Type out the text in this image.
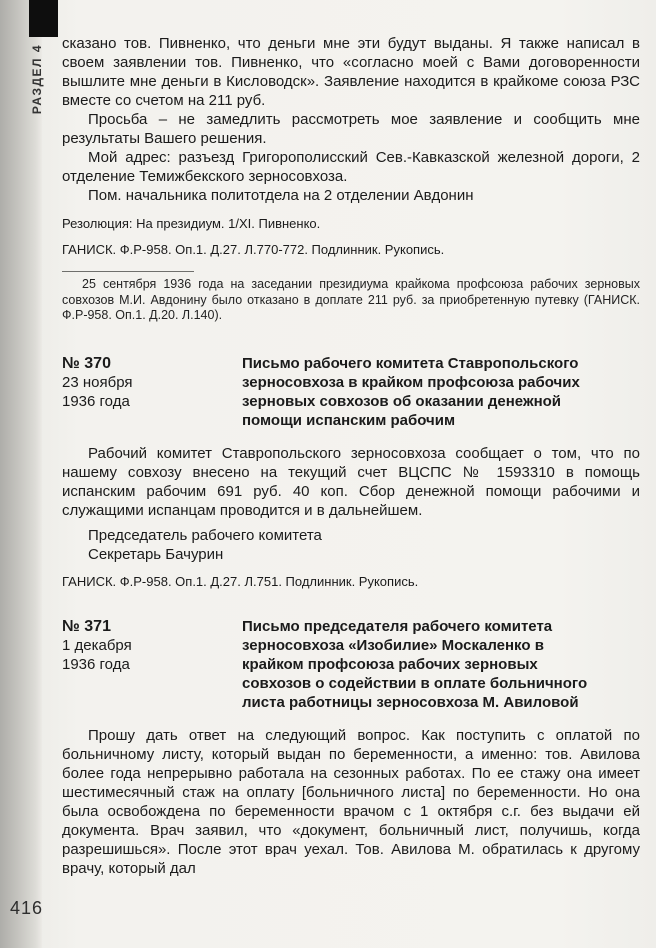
РАЗДЕЛ 4

сказано тов. Пивненко, что деньги мне эти будут выданы. Я также написал в своем заявлении тов. Пивненко, что «согласно моей с Вами договоренности вышлите мне деньги в Кисловодск». Заявление находится в крайкоме союза РЗС вместе со счетом на 211 руб.

Просьба – не замедлить рассмотреть мое заявление и сообщить мне результаты Вашего решения.

Мой адрес: разъезд Григорополисский Сев.-Кавказской железной дороги, 2 отделение Темижбекского зерносовхоза.

Пом. начальника политотдела на 2 отделении Авдонин

Резолюция: На президиум. 1/XI. Пивненко.

ГАНИСК. Ф.Р-958. Оп.1. Д.27. Л.770-772. Подлинник. Рукопись.

25 сентября 1936 года на заседании президиума крайкома профсоюза рабочих зерновых совхозов М.И. Авдонину было отказано в доплате 211 руб. за приобретенную путевку (ГАНИСК. Ф.Р-958. Оп.1. Д.20. Л.140).

№ 370
23 ноября
1936 года
Письмо рабочего комитета Ставропольского зерносовхоза в крайком профсоюза рабочих зерновых совхозов об оказании денежной помощи испанским рабочим

Рабочий комитет Ставропольского зерносовхоза сообщает о том, что по нашему совхозу внесено на текущий счет ВЦСПС № 1593310 в помощь испанским рабочим 691 руб. 40 коп. Сбор денежной помощи рабочими и служащими испанцам проводится и в дальнейшем.

Председатель рабочего комитета

Секретарь Бачурин

ГАНИСК. Ф.Р-958. Оп.1. Д.27. Л.751. Подлинник. Рукопись.

№ 371
1 декабря
1936 года
Письмо председателя рабочего комитета зерносовхоза «Изобилие» Москаленко в крайком профсоюза рабочих зерновых совхозов о содействии в оплате больничного листа работницы зерносовхоза М. Авиловой

Прошу дать ответ на следующий вопрос. Как поступить с оплатой по больничному листу, который выдан по беременности, а именно: тов. Авилова более года непрерывно работала на сезонных работах. По ее стажу она имеет шестимесячный стаж на оплату [больничного листа] по беременности. Но она была освобождена по беременности врачом с 1 октября с.г. без выдачи ей документа. Врач заявил, что «документ, больничный лист, получишь, когда разрешишься». После этот врач уехал. Тов. Авилова М. обратилась к другому врачу, который дал

416
